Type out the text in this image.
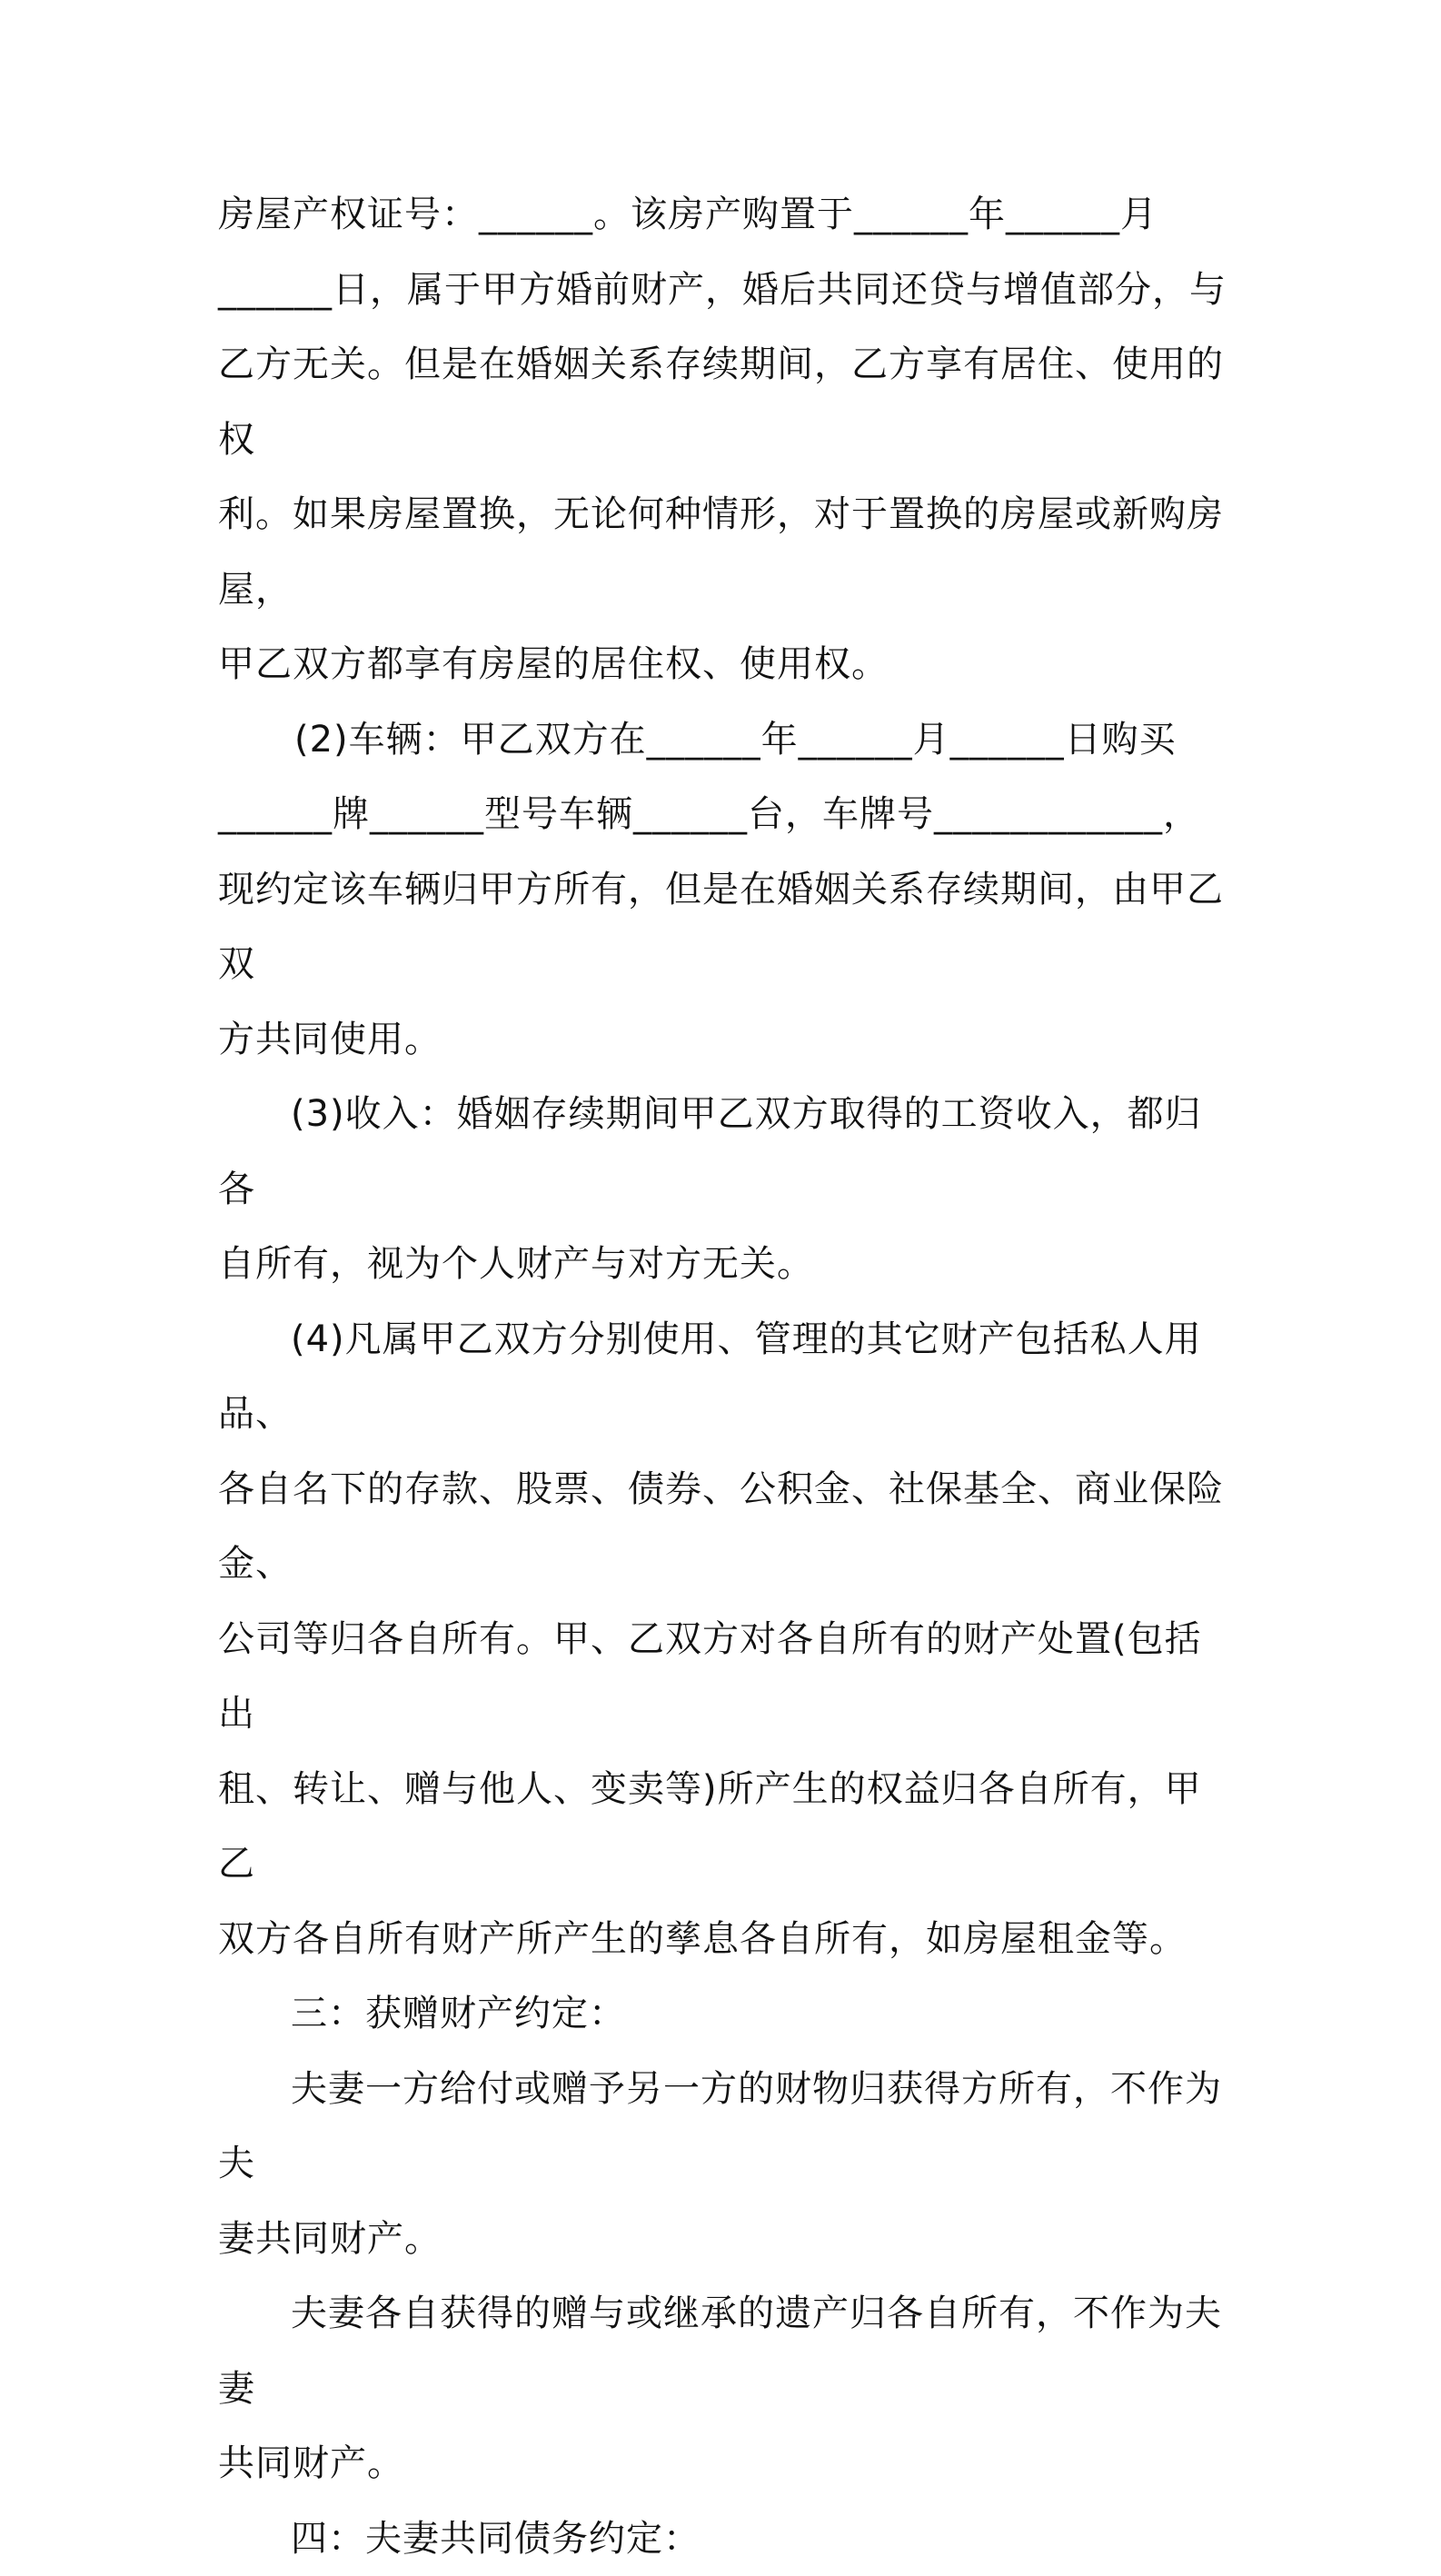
房屋产权证号：______。该房产购置于______年______月
______日，属于甲方婚前财产，婚后共同还贷与增值部分，与
乙方无关。但是在婚姻关系存续期间，乙方享有居住、使用的权
利。如果房屋置换，无论何种情形，对于置换的房屋或新购房屋，
甲乙双方都享有房屋的居住权、使用权。

(2)车辆：甲乙双方在______年______月______日购买
______牌______型号车辆______台，车牌号____________，
现约定该车辆归甲方所有，但是在婚姻关系存续期间，由甲乙双
方共同使用。

(3)收入：婚姻存续期间甲乙双方取得的工资收入，都归各
自所有，视为个人财产与对方无关。

(4)凡属甲乙双方分别使用、管理的其它财产包括私人用品、
各自名下的存款、股票、债券、公积金、社保基全、商业保险金、
公司等归各自所有。甲、乙双方对各自所有的财产处置(包括出
租、转让、赠与他人、变卖等)所产生的权益归各自所有，甲乙
双方各自所有财产所产生的孳息各自所有，如房屋租金等。

三：获赠财产约定：

夫妻一方给付或赠予另一方的财物归获得方所有，不作为夫
妻共同财产。

夫妻各自获得的赠与或继承的遗产归各自所有，不作为夫妻
共同财产。

四：夫妻共同债务约定：
